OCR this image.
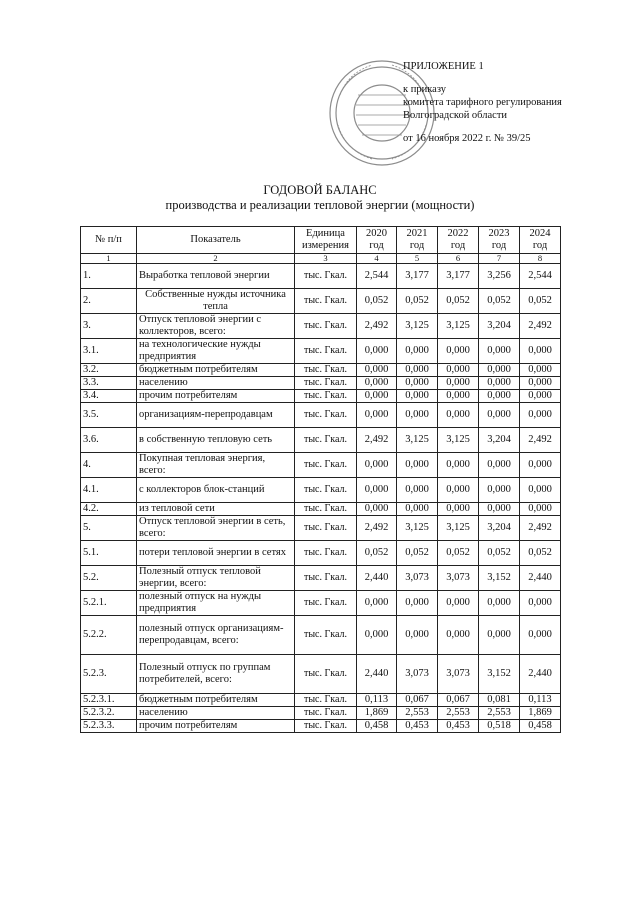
ПРИЛОЖЕНИЕ 1
к приказу
комитета тарифного регулирования
Волгоградской области
от 16 ноября 2022 г. № 39/25
ГОДОВОЙ БАЛАНС
производства и реализации тепловой энергии (мощности)
№ п/п	Показатель	Единица измерения	2020 год	2021 год	2022 год	2023 год	2024 год
1	2	3	4	5	6	7	8
1.	Выработка тепловой энергии	тыс. Гкал.	2,544	3,177	3,177	3,256	2,544
2.	Собственные нужды источника тепла	тыс. Гкал.	0,052	0,052	0,052	0,052	0,052
3.	Отпуск тепловой энергии с коллекторов, всего:	тыс. Гкал.	2,492	3,125	3,125	3,204	2,492
3.1.	на технологические нужды предприятия	тыс. Гкал.	0,000	0,000	0,000	0,000	0,000
3.2.	бюджетным потребителям	тыс. Гкал.	0,000	0,000	0,000	0,000	0,000
3.3.	населению	тыс. Гкал.	0,000	0,000	0,000	0,000	0,000
3.4.	прочим потребителям	тыс. Гкал.	0,000	0,000	0,000	0,000	0,000
3.5.	организациям-перепродавцам	тыс. Гкал.	0,000	0,000	0,000	0,000	0,000
3.6.	в собственную тепловую сеть	тыс. Гкал.	2,492	3,125	3,125	3,204	2,492
4.	Покупная тепловая энергия, всего:	тыс. Гкал.	0,000	0,000	0,000	0,000	0,000
4.1.	с коллекторов блок-станций	тыс. Гкал.	0,000	0,000	0,000	0,000	0,000
4.2.	из тепловой сети	тыс. Гкал.	0,000	0,000	0,000	0,000	0,000
5.	Отпуск тепловой энергии в сеть, всего:	тыс. Гкал.	2,492	3,125	3,125	3,204	2,492
5.1.	потери тепловой энергии в сетях	тыс. Гкал.	0,052	0,052	0,052	0,052	0,052
5.2.	Полезный отпуск тепловой энергии, всего:	тыс. Гкал.	2,440	3,073	3,073	3,152	2,440
5.2.1.	полезный отпуск на нужды предприятия	тыс. Гкал.	0,000	0,000	0,000	0,000	0,000
5.2.2.	полезный отпуск организациям-перепродавцам, всего:	тыс. Гкал.	0,000	0,000	0,000	0,000	0,000
5.2.3.	Полезный отпуск по группам потребителей, всего:	тыс. Гкал.	2,440	3,073	3,073	3,152	2,440
5.2.3.1.	бюджетным потребителям	тыс. Гкал.	0,113	0,067	0,067	0,081	0,113
5.2.3.2.	населению	тыс. Гкал.	1,869	2,553	2,553	2,553	1,869
5.2.3.3.	прочим потребителям	тыс. Гкал.	0,458	0,453	0,453	0,518	0,458
